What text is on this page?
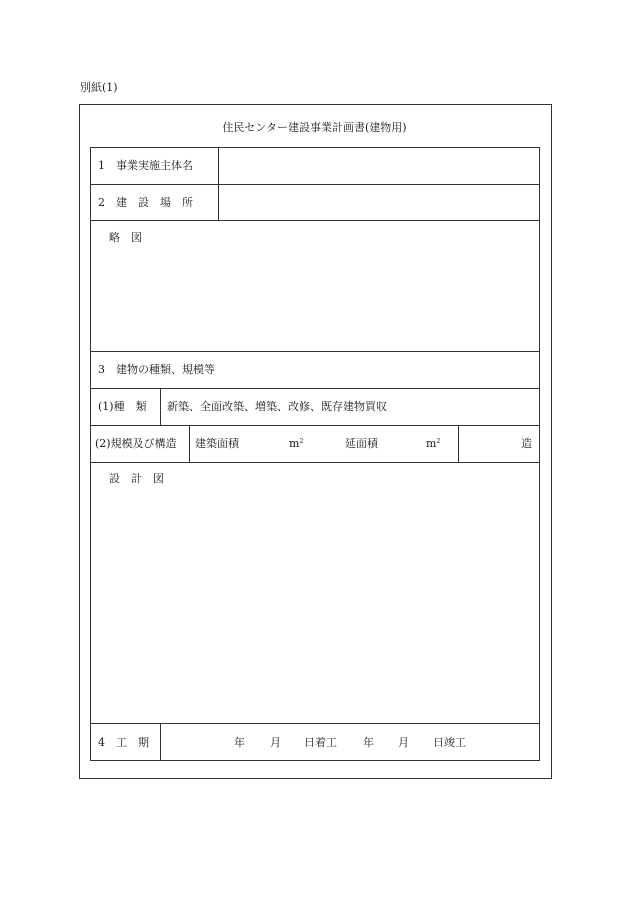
別紙(1)
住民センター建設事業計画書(建物用)
1　事業実施主体名
2　建　設　場　所
略　図
3　建物の種類、規模等
(1)種　類 新築、全面改築、増築、改修、既存建物買収
(2)規模及び構造 建築面積	$m^2$	延面積	$m^2$	造
設　計　図
4　工　期	年 月 日着工 年 月 日竣工
